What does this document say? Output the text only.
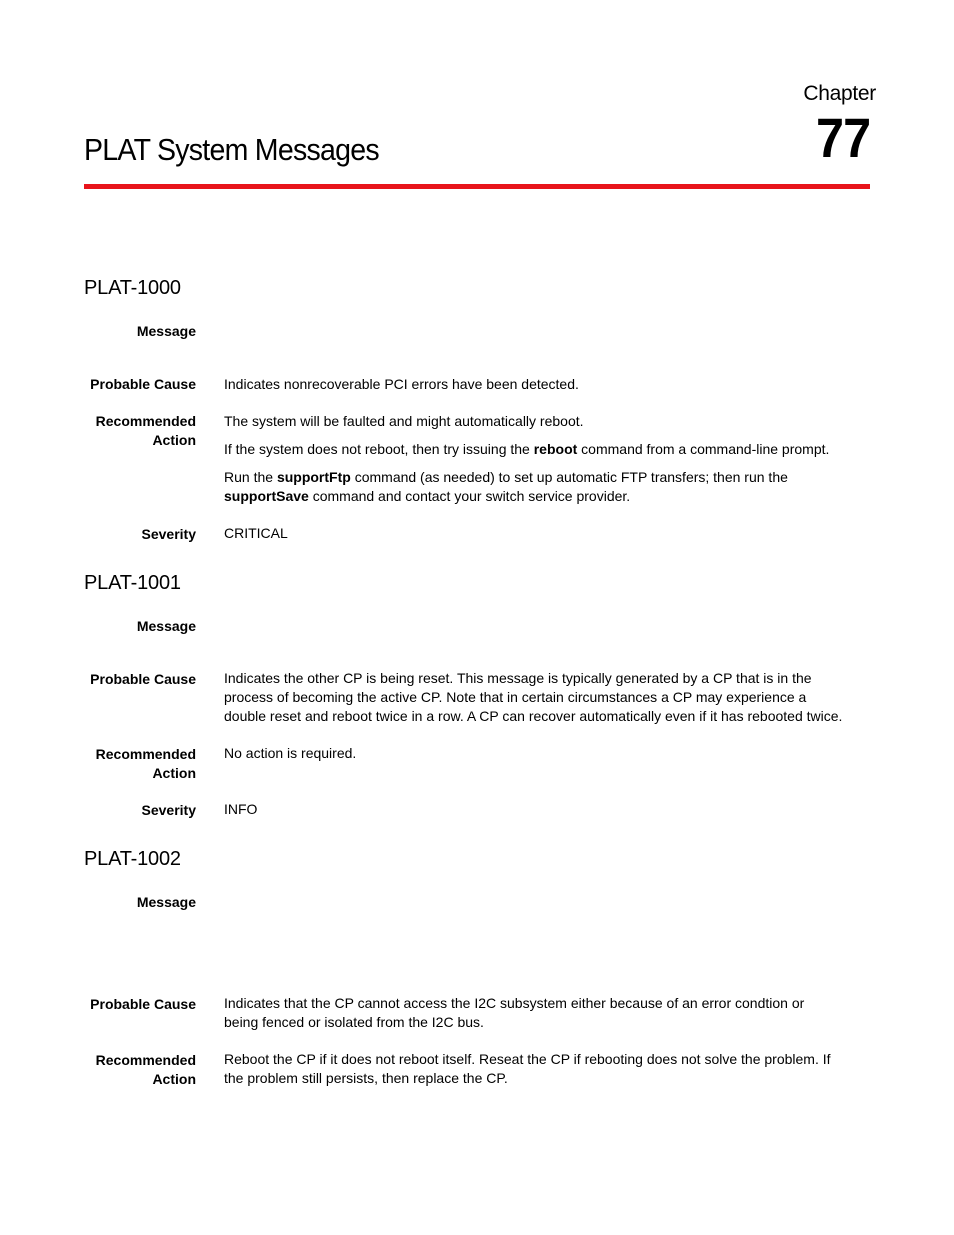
Chapter
77
PLAT System Messages
PLAT-1000
Message
Probable Cause Indicates nonrecoverable PCI errors have been detected.
Recommended
Action

The system will be faulted and might automatically reboot.

If the system does not reboot, then try issuing the reboot command from a command-line prompt.

Run the supportFtp command (as needed) to set up automatic FTP transfers; then run the
supportSave command and contact your switch service provider.

Severity CRITICAL
PLAT-1001
Message
Probable Cause Indicates the other CP is being reset. This message is typically generated by a CP that is in the
process of becoming the active CP. Note that in certain circumstances a CP may experience a
double reset and reboot twice in a row. A CP can recover automatically even if it has rebooted twice.
Recommended
Action
No action is required.
Severity INFO
PLAT-1002
Message
Probable Cause Indicates that the CP cannot access the I2C subsystem either because of an error condtion or
being fenced or isolated from the I2C bus.
Recommended
Action
Reboot the CP if it does not reboot itself. Reseat the CP if rebooting does not solve the problem. If
the problem still persists, then replace the CP.
